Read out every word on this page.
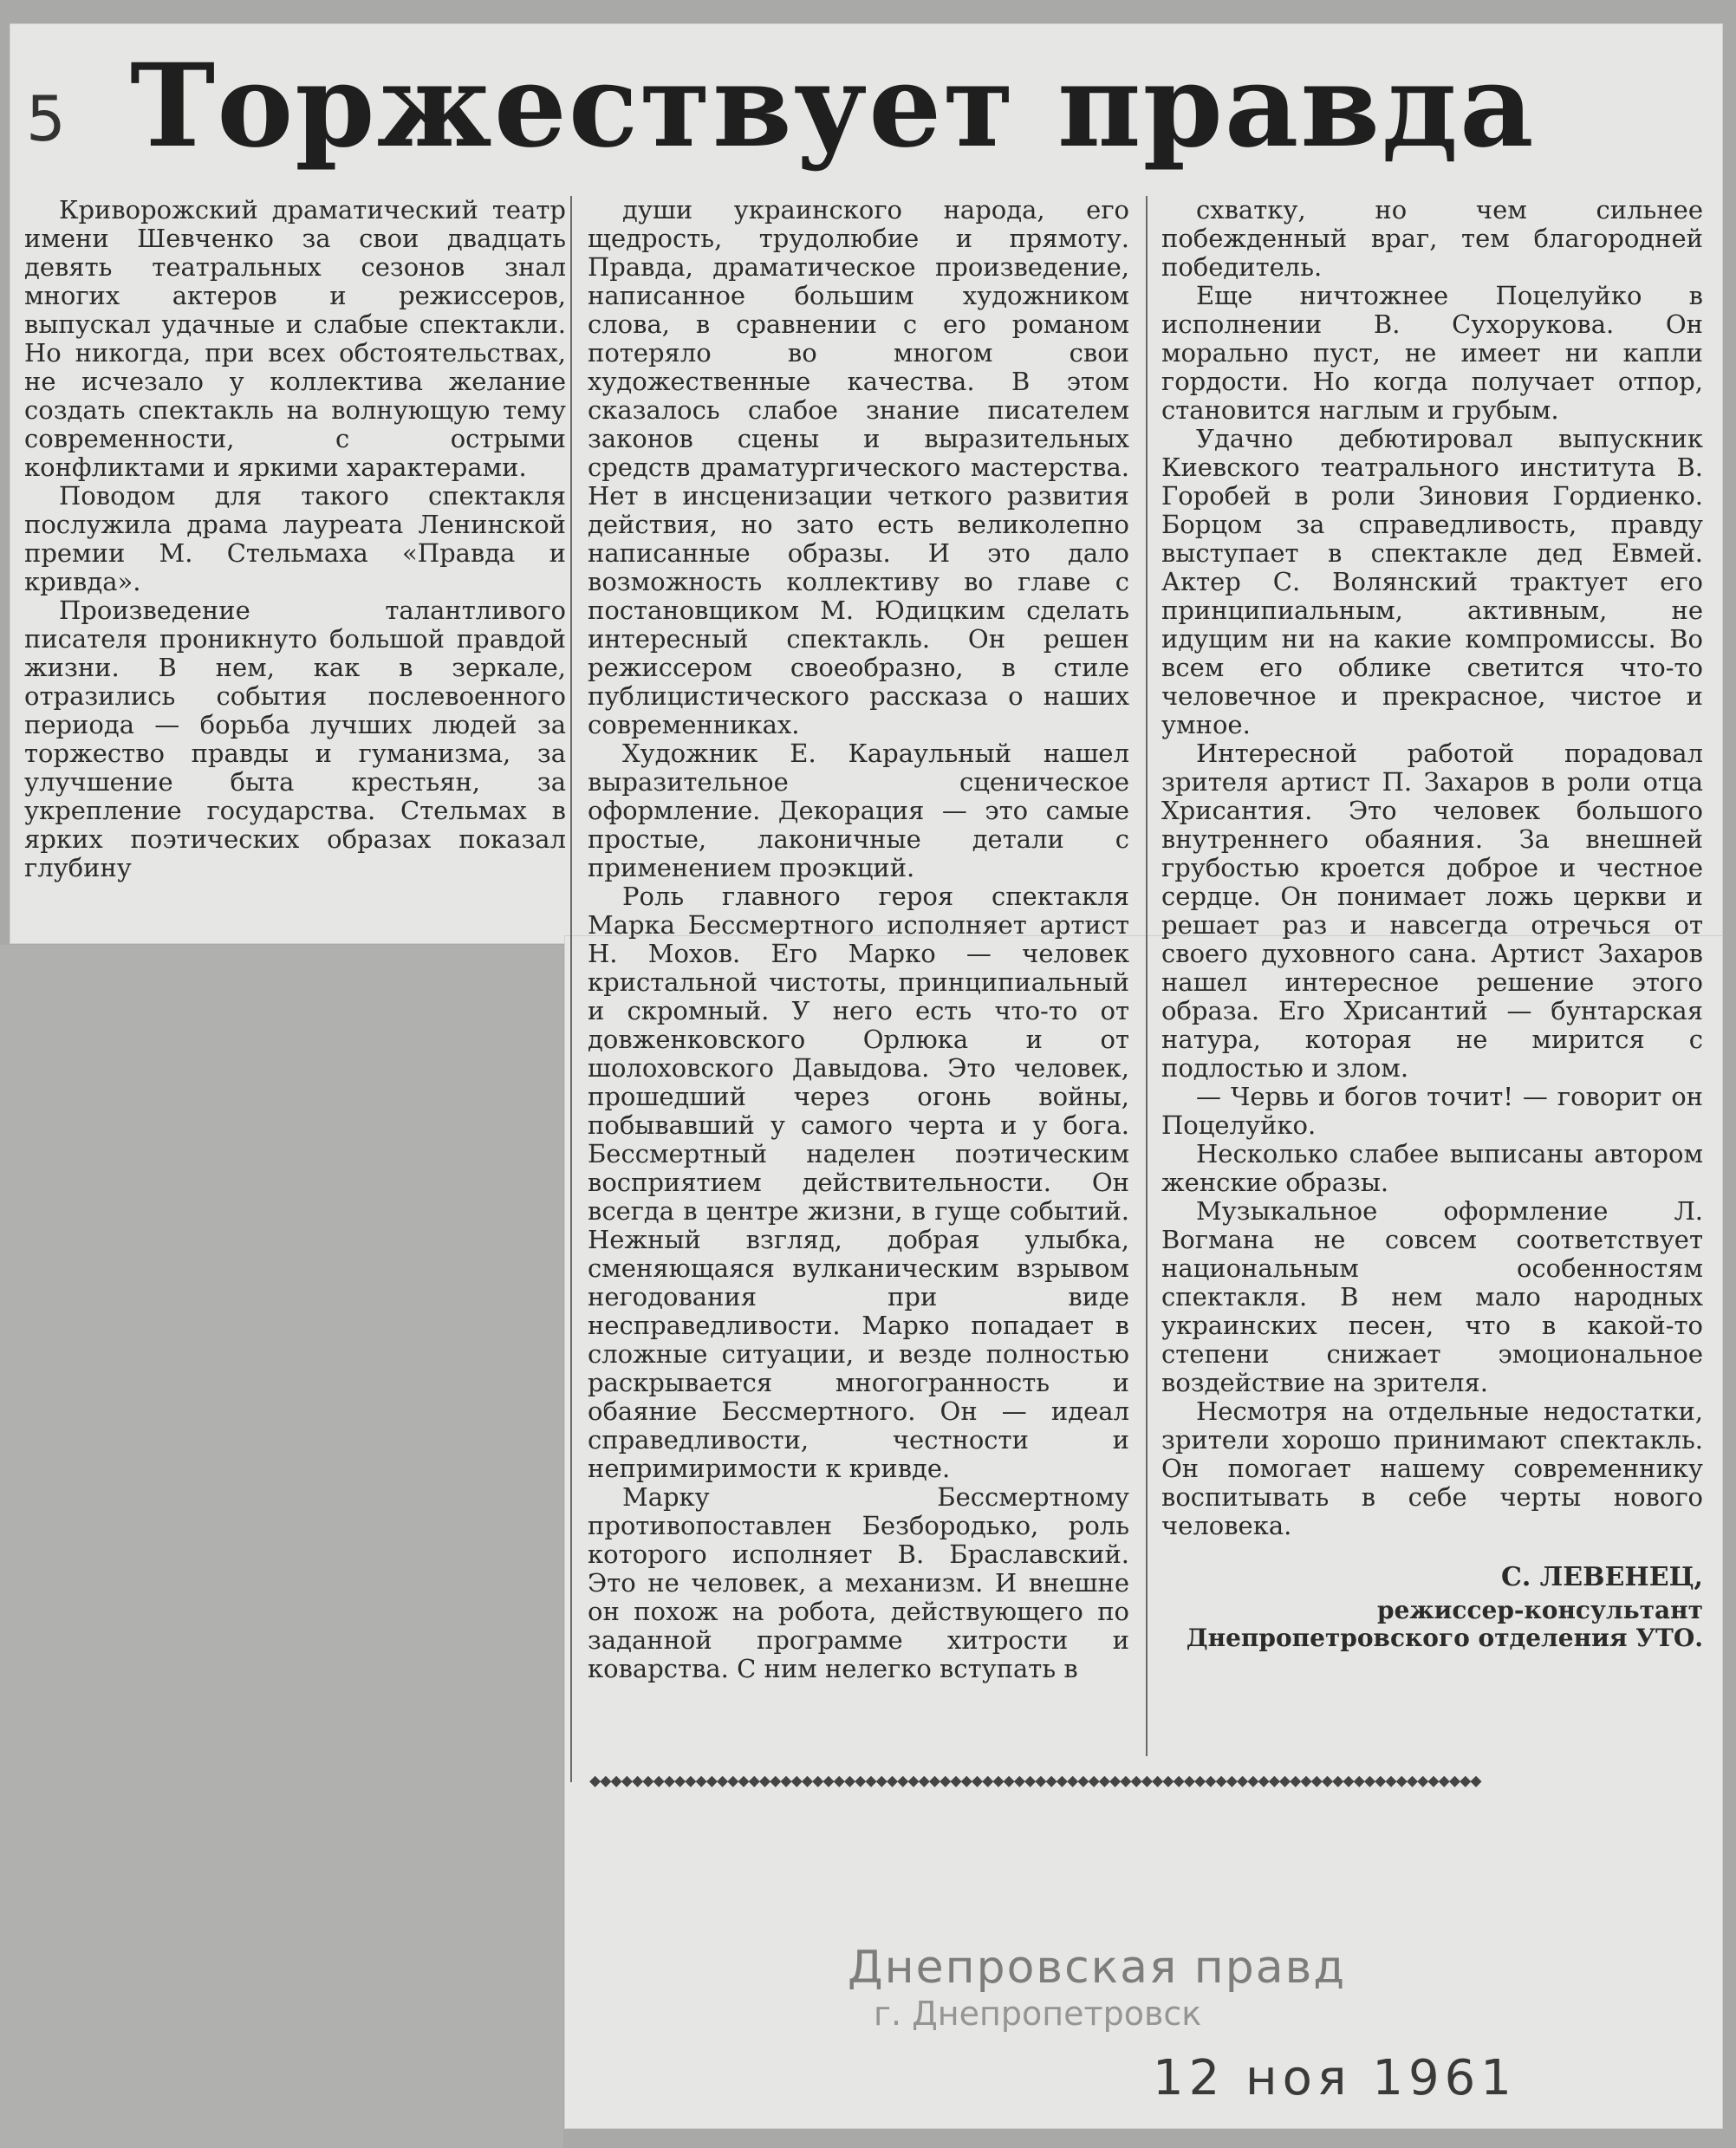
5 Торжествует правда

Криворожский драматический театр имени Шевченко за свои двадцать девять театральных сезонов знал многих актеров и режиссеров, выпускал удачные и слабые спектакли. Но никогда, при всех обстоятельствах, не исчезало у коллектива желание создать спектакль на волнующую тему современности, с острыми конфликтами и яркими характерами.

Поводом для такого спектакля послужила драма лауреата Ленинской премии М. Стельмаха «Правда и кривда».

Произведение талантливого писателя проникнуто большой правдой жизни. В нем, как в зеркале, отразились события послевоенного периода — борьба лучших людей за торжество правды и гуманизма, за улучшение быта крестьян, за укрепление государства. Стельмах в ярких поэтических образах показал глубину

души украинского народа, его щедрость, трудолюбие и прямоту. Правда, драматическое произведение, написанное большим художником слова, в сравнении с его романом потеряло во многом свои художественные качества. В этом сказалось слабое знание писателем законов сцены и выразительных средств драматургического мастерства. Нет в инсценизации четкого развития действия, но зато есть великолепно написанные образы. И это дало возможность коллективу во главе с постановщиком М. Юдицким сделать интересный спектакль. Он решен режиссером своеобразно, в стиле публицистического рассказа о наших современниках.

Художник Е. Караульный нашел выразительное сценическое оформление. Декорация — это самые простые, лаконичные детали с применением проэкций.

Роль главного героя спектакля Марка Бессмертного исполняет артист Н. Мохов. Его Марко — человек кристальной чистоты, принципиальный и скромный. У него есть что-то от довженковского Орлюка и от шолоховского Давыдова. Это человек, прошедший через огонь войны, побывавший у самого черта и у бога. Бессмертный наделен поэтическим восприятием действительности. Он всегда в центре жизни, в гуще событий. Нежный взгляд, добрая улыбка, сменяющаяся вулканическим взрывом негодования при виде несправедливости. Марко попадает в сложные ситуации, и везде полностью раскрывается многогранность и обаяние Бессмертного. Он — идеал справедливости, честности и непримиримости к кривде.

Марку Бессмертному противопоставлен Безбородько, роль которого исполняет В. Браславский. Это не человек, а механизм. И внешне он похож на робота, действующего по заданной программе хитрости и коварства. С ним нелегко вступать в

схватку, но чем сильнее побежденный враг, тем благородней победитель.

Еще ничтожнее Поцелуйко в исполнении В. Сухорукова. Он морально пуст, не имеет ни капли гордости. Но когда получает отпор, становится наглым и грубым.

Удачно дебютировал выпускник Киевского театрального института В. Горобей в роли Зиновия Гордиенко. Борцом за справедливость, правду выступает в спектакле дед Евмей. Актер С. Волянский трактует его принципиальным, активным, не идущим ни на какие компромиссы. Во всем его облике светится что-то человечное и прекрасное, чистое и умное.

Интересной работой порадовал зрителя артист П. Захаров в роли отца Хрисантия. Это человек большого внутреннего обаяния. За внешней грубостью кроется доброе и честное сердце. Он понимает ложь церкви и решает раз и навсегда отречься от своего духовного сана. Артист Захаров нашел интересное решение этого образа. Его Хрисантий — бунтарская натура, которая не мирится с подлостью и злом.

— Червь и богов точит! — говорит он Поцелуйко.

Несколько слабее выписаны автором женские образы.

Музыкальное оформление Л. Вогмана не совсем соответствует национальным особенностям спектакля. В нем мало народных украинских песен, что в какой-то степени снижает эмоциональное воздействие на зрителя.

Несмотря на отдельные недостатки, зрители хорошо принимают спектакль. Он помогает нашему современнику воспитывать в себе черты нового человека.

С. ЛЕВЕНЕЦ,
режиссер-консультант Днепропетровского отделения УТО.
◆◆◆◆◆◆◆◆◆◆◆◆◆◆◆◆◆◆◆◆◆◆◆◆◆◆◆◆◆◆◆◆◆◆◆◆◆◆◆◆◆◆◆◆◆◆◆◆◆◆◆◆◆◆◆◆◆◆◆◆◆◆◆◆◆◆◆◆◆◆◆◆◆◆◆◆◆◆◆◆◆◆◆◆
Днепровская правд
г. Днепропетровск
12 ноя 1961
